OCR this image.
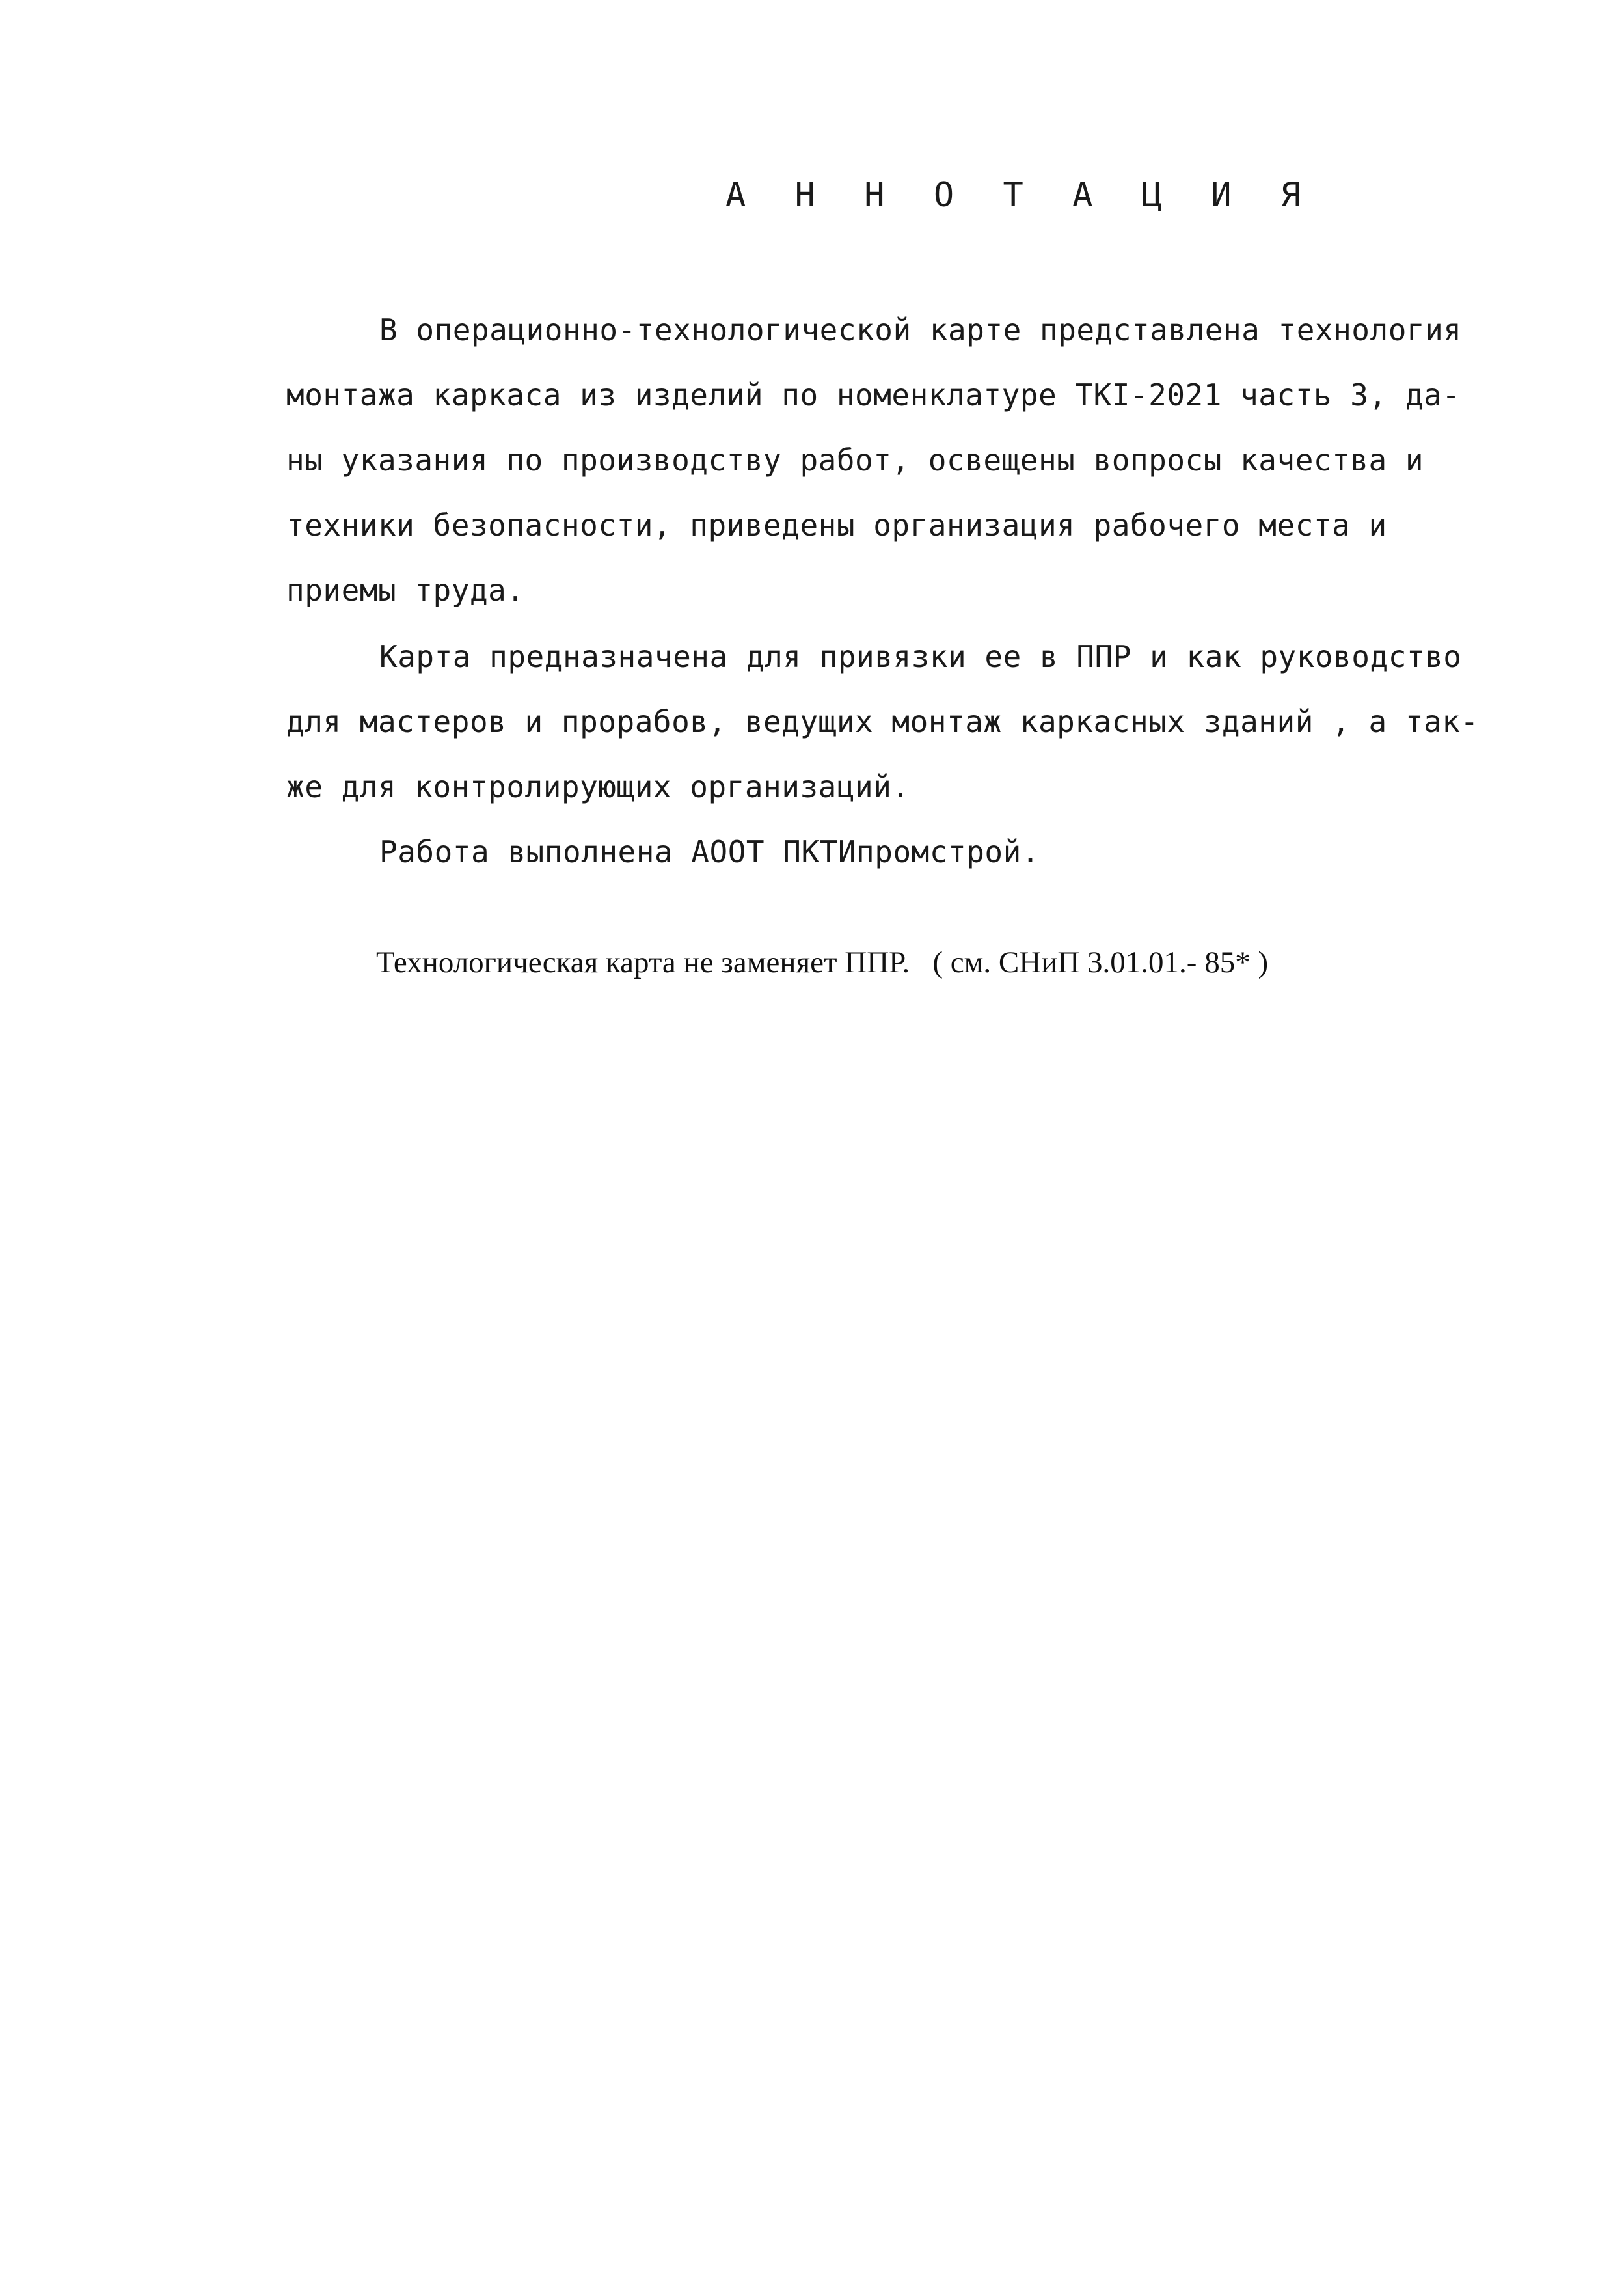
А Н Н О Т А Ц И Я
В операционно-технологической карте представлена технология
монтажа каркаса из изделий по номенклатуре ТКI-2021 часть 3, да-
ны указания по производству работ, освещены вопросы качества и
техники безопасности, приведены организация рабочего места и
приемы труда.
Карта предназначена для привязки ее в ППР и как руководство
для мастеров и прорабов, ведущих монтаж каркасных зданий , а так-
же для контролирующих организаций.
Работа выполнена АООТ ПКТИпромстрой.
Технологическая карта не заменяет ППР.   ( см. СНиП 3.01.01.- 85* )
